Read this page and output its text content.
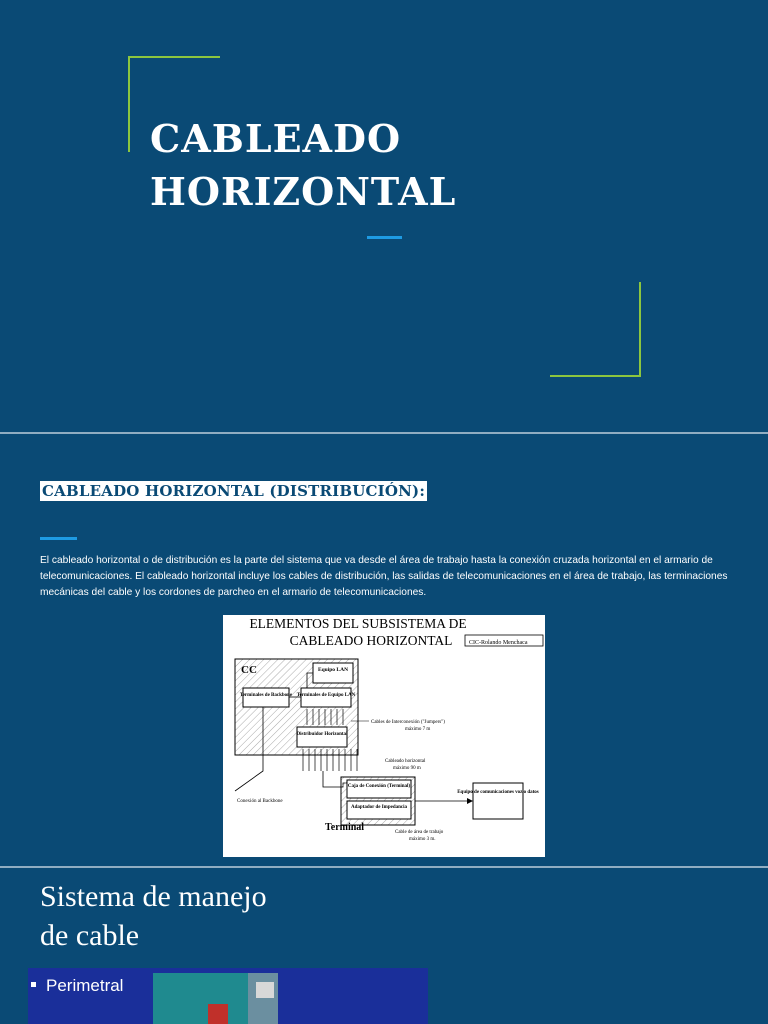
CABLEADO
HORIZONTAL
CABLEADO HORIZONTAL (DISTRIBUCIÓN):
El cableado horizontal o de distribución es la parte del sistema que va desde el área de trabajo hasta la conexión cruzada horizontal en el armario de telecomunicaciones. El cableado horizontal incluye los cables de distribución, las salidas de telecomunicaciones en el área de trabajo, las terminaciones mecánicas del cable y los cordones de parcheo en el armario de telecomunicaciones.
ELEMENTOS DEL SUBSISTEMA DE
CABLEADO HORIZONTAL	CIC-Rolando Menchaca
CC	Equipo LAN
Terminales de Backbone Terminales de Equipo LAN
Distribuidor Horizontal
Cables de Interconexión ("Jumpers")
máximo 7 m
Cableado horizontal
máximo 90 m
Conexión al Backbone
Caja de Conexión (Terminal)
Adaptador de Impedancia
Terminal
Equipo de comunicaciones voz o datos
Cable de área de trabajo
máximo 3 m.
Sistema de manejo
de cable
Perimetral
